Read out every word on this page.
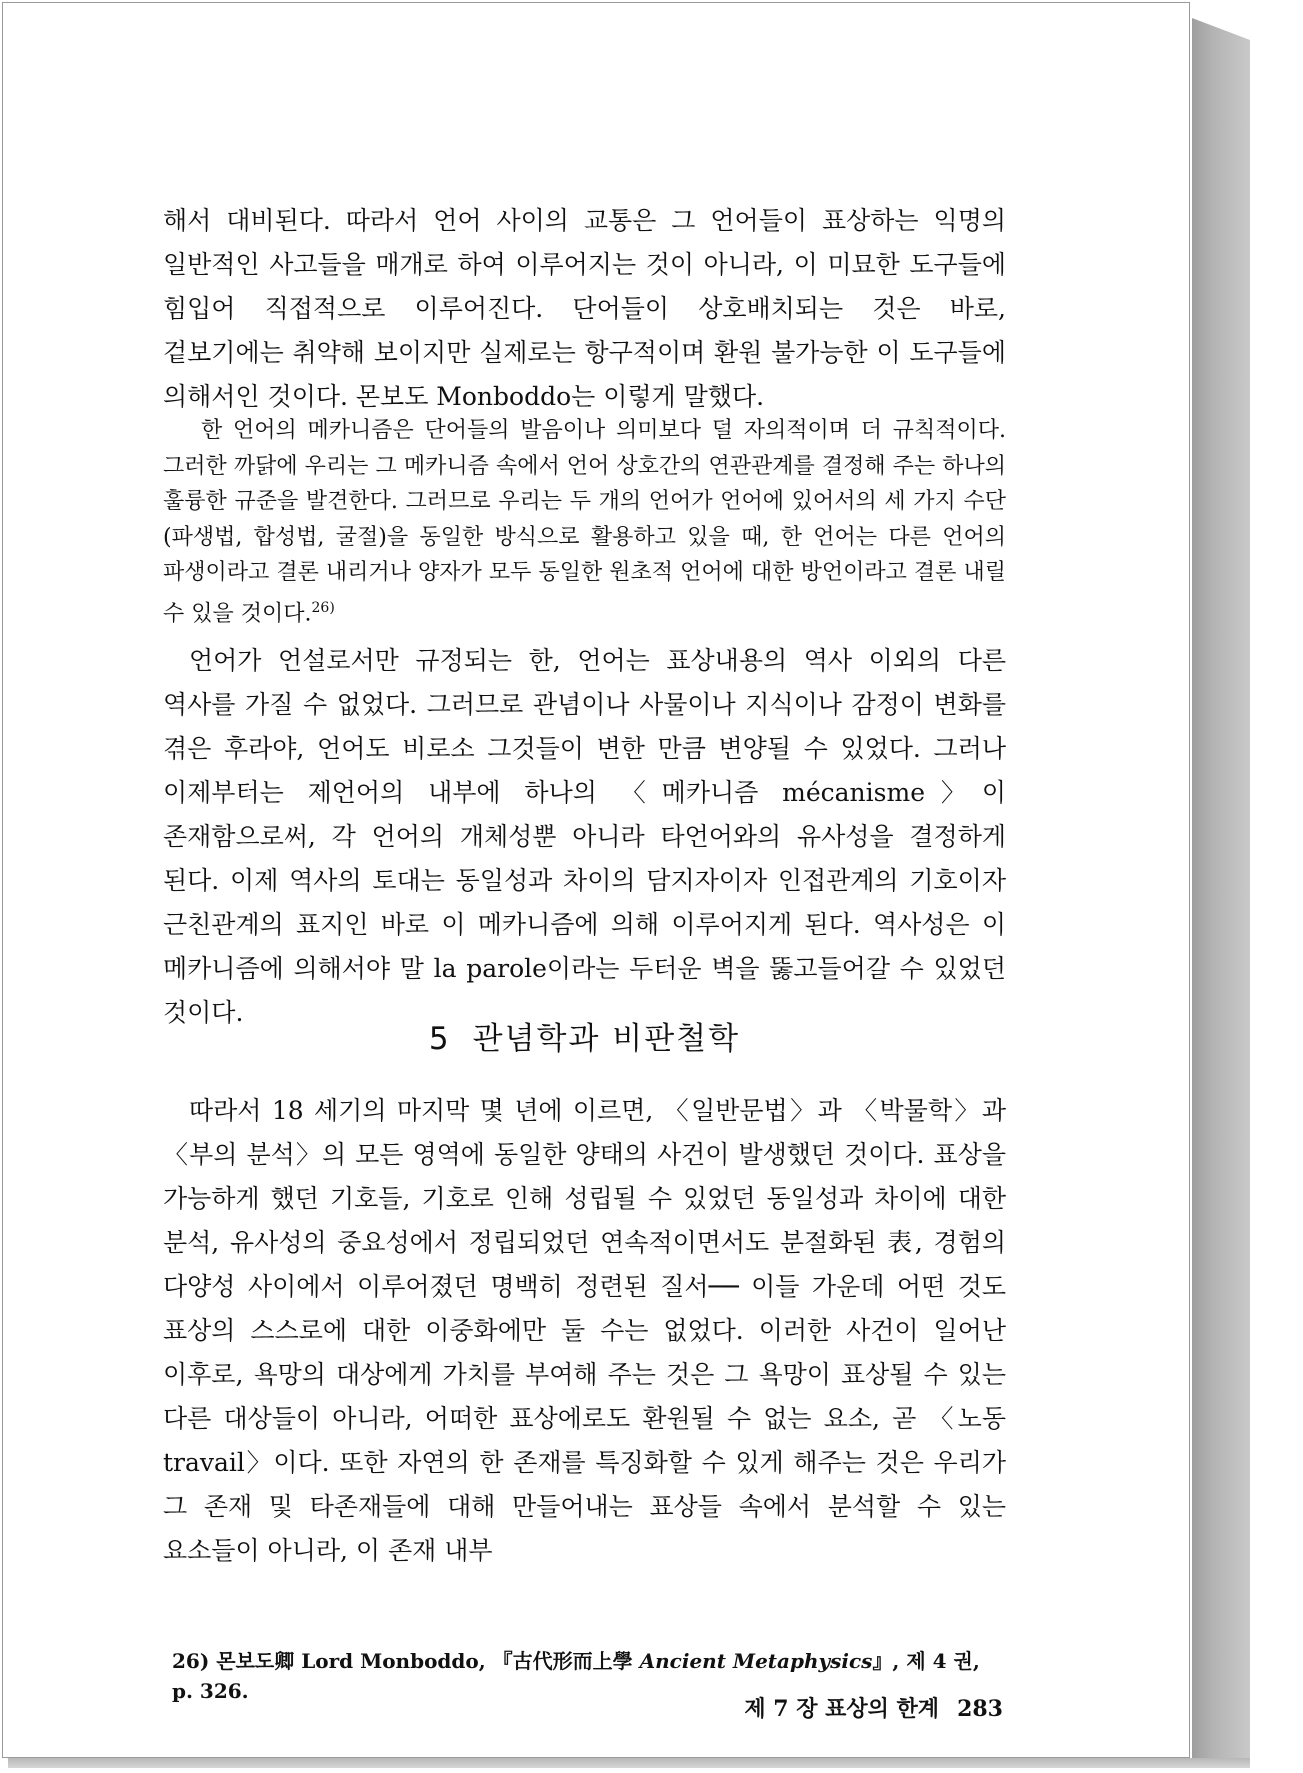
해서 대비된다. 따라서 언어 사이의 교통은 그 언어들이 표상하는 익명의 일반적인 사고들을 매개로 하여 이루어지는 것이 아니라, 이 미묘한 도구들에 힘입어 직접적으로 이루어진다. 단어들이 상호배치되는 것은 바로, 겉보기에는 취약해 보이지만 실제로는 항구적이며 환원 불가능한 이 도구들에 의해서인 것이다. 몬보도 Monboddo는 이렇게 말했다.

한 언어의 메카니즘은 단어들의 발음이나 의미보다 덜 자의적이며 더 규칙적이다. 그러한 까닭에 우리는 그 메카니즘 속에서 언어 상호간의 연관관계를 결정해 주는 하나의 훌륭한 규준을 발견한다. 그러므로 우리는 두 개의 언어가 언어에 있어서의 세 가지 수단(파생법, 합성법, 굴절)을 동일한 방식으로 활용하고 있을 때, 한 언어는 다른 언어의 파생이라고 결론 내리거나 양자가 모두 동일한 원초적 언어에 대한 방언이라고 결론 내릴 수 있을 것이다.$^{26)}$

언어가 언설로서만 규정되는 한, 언어는 표상내용의 역사 이외의 다른 역사를 가질 수 없었다. 그러므로 관념이나 사물이나 지식이나 감정이 변화를 겪은 후라야, 언어도 비로소 그것들이 변한 만큼 변양될 수 있었다. 그러나 이제부터는 제언어의 내부에 하나의 〈메카니즘 mécanisme〉이 존재함으로써, 각 언어의 개체성뿐 아니라 타언어와의 유사성을 결정하게 된다. 이제 역사의 토대는 동일성과 차이의 담지자이자 인접관계의 기호이자 근친관계의 표지인 바로 이 메카니즘에 의해 이루어지게 된다. 역사성은 이 메카니즘에 의해서야 말 la parole이라는 두터운 벽을 뚫고들어갈 수 있었던 것이다.

5 관념학과 비판철학

따라서 18 세기의 마지막 몇 년에 이르면, 〈일반문법〉과 〈박물학〉과 〈부의 분석〉의 모든 영역에 동일한 양태의 사건이 발생했던 것이다. 표상을 가능하게 했던 기호들, 기호로 인해 성립될 수 있었던 동일성과 차이에 대한 분석, 유사성의 중요성에서 정립되었던 연속적이면서도 분절화된 表, 경험의 다양성 사이에서 이루어졌던 명백히 정련된 질서── 이들 가운데 어떤 것도 표상의 스스로에 대한 이중화에만 둘 수는 없었다. 이러한 사건이 일어난 이후로, 욕망의 대상에게 가치를 부여해 주는 것은 그 욕망이 표상될 수 있는 다른 대상들이 아니라, 어떠한 표상에로도 환원될 수 없는 요소, 곧 〈노동 travail〉이다. 또한 자연의 한 존재를 특징화할 수 있게 해주는 것은 우리가 그 존재 및 타존재들에 대해 만들어내는 표상들 속에서 분석할 수 있는 요소들이 아니라, 이 존재 내부

26) 몬보도卿 Lord Monboddo, 『古代形而上學 Ancient Metaphysics』, 제 4 권, p. 326.
제 7 장 표상의 한계 283
